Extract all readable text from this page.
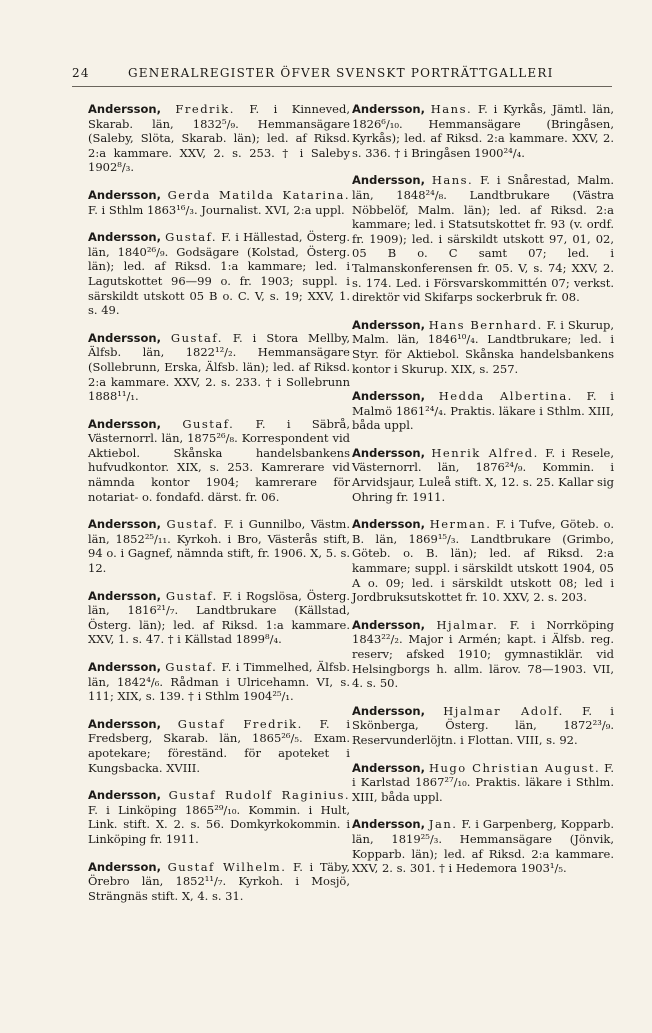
24	GENERALREGISTER ÖFVER SVENSKT PORTRÄTTGALLERI

Andersson, Fredrik. F. i Kinneved, Skarab. län, 1832⁵/₉. Hemmansägare (Saleby, Slöta, Skarab. län); led. af Riksd. 2:a kammare. XXV, 2. s. 253. † i Saleby 1902⁸/₃.

Andersson, Gerda Matilda Katarina. F. i Sthlm 1863¹⁶/₃. Journalist. XVI, 2:a uppl.

Andersson, Gustaf. F. i Hällestad, Österg. län, 1840²⁶/₉. Godsägare (Kolstad, Österg. län); led. af Riksd. 1:a kammare; led. i Lagutskottet 96—99 o. fr. 1903; suppl. i särskildt utskott 05 B o. C. V, s. 19; XXV, 1. s. 49.

Andersson, Gustaf. F. i Stora Mellby, Älfsb. län, 1822¹²/₂. Hemmansägare (Sollebrunn, Erska, Älfsb. län); led. af Riksd. 2:a kammare. XXV, 2. s. 233. † i Sollebrunn 1888¹¹/₁.

Andersson, Gustaf. F. i Säbrå, Västernorrl. län, 1875²⁶/₈. Korrespondent vid Aktiebol. Skånska handelsbankens hufvudkontor. XIX, s. 253. Kamrerare vid nämnda kontor 1904; kamrerare för notariat- o. fondafd. därst. fr. 06.

Andersson, Gustaf. F. i Gunnilbo, Västm. län, 1852²⁵/₁₁. Kyrkoh. i Bro, Västerås stift, 94 o. i Gagnef, nämnda stift, fr. 1906. X, 5. s. 12.

Andersson, Gustaf. F. i Rogslösa, Österg. län, 1816²¹/₇. Landtbrukare (Källstad, Österg. län); led. af Riksd. 1:a kammare. XXV, 1. s. 47. † i Källstad 1899⁸/₄.

Andersson, Gustaf. F. i Timmelhed, Älfsb. län, 1842⁴/₆. Rådman i Ulricehamn. VI, s. 111; XIX, s. 139. † i Sthlm 1904²⁵/₁.

Andersson, Gustaf Fredrik. F. i Fredsberg, Skarab. län, 1865²⁶/₅. Exam. apotekare; föreständ. för apoteket i Kungsbacka. XVIII.

Andersson, Gustaf Rudolf Raginius. F. i Linköping 1865²⁹/₁₀. Kommin. i Hult, Link. stift. X. 2. s. 56. Domkyrkokommin. i Linköping fr. 1911.

Andersson, Gustaf Wilhelm. F. i Täby, Örebro län, 1852¹¹/₇. Kyrkoh. i Mosjö, Strängnäs stift. X, 4. s. 31.

Andersson, Hans. F. i Kyrkås, Jämtl. län, 1826⁶/₁₀. Hemmansägare (Bringåsen, Kyrkås); led. af Riksd. 2:a kammare. XXV, 2. s. 336. † i Bringåsen 1900²⁴/₄.

Andersson, Hans. F. i Snårestad, Malm. län, 1848²⁴/₈. Landtbrukare (Västra Nöbbelöf, Malm. län); led. af Riksd. 2:a kammare; led. i Statsutskottet fr. 93 (v. ordf. fr. 1909); led. i särskildt utskott 97, 01, 02, 05 B o. C samt 07; led. i Talmanskonferensen fr. 05. V, s. 74; XXV, 2. s. 174. Led. i Försvarskommittén 07; verkst. direktör vid Skifarps sockerbruk fr. 08.

Andersson, Hans Bernhard. F. i Skurup, Malm. län, 1846¹⁰/₄. Landtbrukare; led. i Styr. för Aktiebol. Skånska handelsbankens kontor i Skurup. XIX, s. 257.

Andersson, Hedda Albertina. F. i Malmö 1861²⁴/₄. Praktis. läkare i Sthlm. XIII, båda uppl.

Andersson, Henrik Alfred. F. i Resele, Västernorrl. län, 1876²⁴/₉. Kommin. i Arvidsjaur, Luleå stift. X, 12. s. 25. Kallar sig Ohring fr. 1911.

Andersson, Herman. F. i Tufve, Göteb. o. B. län, 1869¹⁵/₃. Landtbrukare (Grimbo, Göteb. o. B. län); led. af Riksd. 2:a kammare; suppl. i särskildt utskott 1904, 05 A o. 09; led. i särskildt utskott 08; led i Jordbruksutskottet fr. 10. XXV, 2. s. 203.

Andersson, Hjalmar. F. i Norrköping 1843²²/₂. Major i Armén; kapt. i Älfsb. reg. reserv; afsked 1910; gymnastiklär. vid Helsingborgs h. allm. lärov. 78—1903. VII, 4. s. 50.

Andersson, Hjalmar Adolf. F. i Skönberga, Österg. län, 1872²³/₉. Reservunderlöjtn. i Flottan. VIII, s. 92.

Andersson, Hugo Christian August. F. i Karlstad 1867²⁷/₁₀. Praktis. läkare i Sthlm. XIII, båda uppl.

Andersson, Jan. F. i Garpenberg, Kopparb. län, 1819²⁵/₃. Hemmansägare (Jönvik, Kopparb. län); led. af Riksd. 2:a kammare. XXV, 2. s. 301. † i Hedemora 1903¹/₅.
